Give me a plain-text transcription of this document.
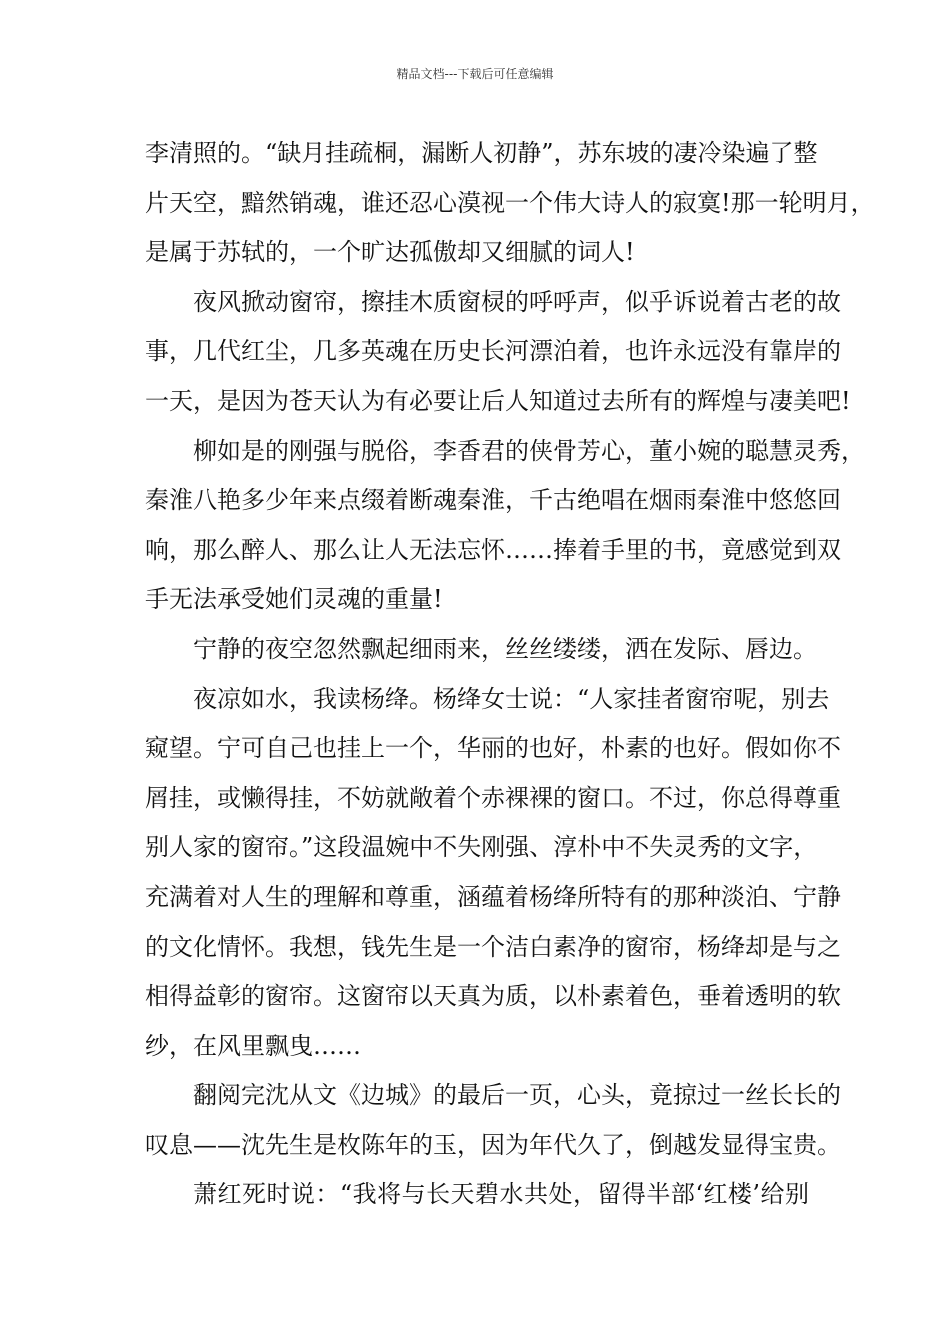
精品文档---下载后可任意编辑
李清照的。“缺月挂疏桐，漏断人初静”，苏东坡的凄冷染遍了整
片天空，黯然销魂，谁还忍心漠视一个伟大诗人的寂寞!那一轮明月，
是属于苏轼的，一个旷达孤傲却又细腻的词人!
夜风掀动窗帘，擦挂木质窗棂的呼呼声，似乎诉说着古老的故
事，几代红尘，几多英魂在历史长河漂泊着，也许永远没有靠岸的
一天，是因为苍天认为有必要让后人知道过去所有的辉煌与凄美吧!
柳如是的刚强与脱俗，李香君的侠骨芳心，董小婉的聪慧灵秀，
秦淮八艳多少年来点缀着断魂秦淮，千古绝唱在烟雨秦淮中悠悠回
响，那么醉人、那么让人无法忘怀……捧着手里的书，竟感觉到双
手无法承受她们灵魂的重量!
宁静的夜空忽然飘起细雨来，丝丝缕缕，洒在发际、唇边。
夜凉如水，我读杨绛。杨绛女士说：“人家挂者窗帘呢，别去
窥望。宁可自己也挂上一个，华丽的也好，朴素的也好。假如你不
屑挂，或懒得挂，不妨就敞着个赤裸裸的窗口。不过，你总得尊重
别人家的窗帘。”这段温婉中不失刚强、淳朴中不失灵秀的文字，
充满着对人生的理解和尊重，涵蕴着杨绛所特有的那种淡泊、宁静
的文化情怀。我想，钱先生是一个洁白素净的窗帘，杨绛却是与之
相得益彰的窗帘。这窗帘以天真为质，以朴素着色，垂着透明的软
纱，在风里飘曳……
翻阅完沈从文《边城》的最后一页，心头，竟掠过一丝长长的
叹息——沈先生是枚陈年的玉，因为年代久了，倒越发显得宝贵。
萧红死时说：“我将与长天碧水共处，留得半部‘红楼’给别
